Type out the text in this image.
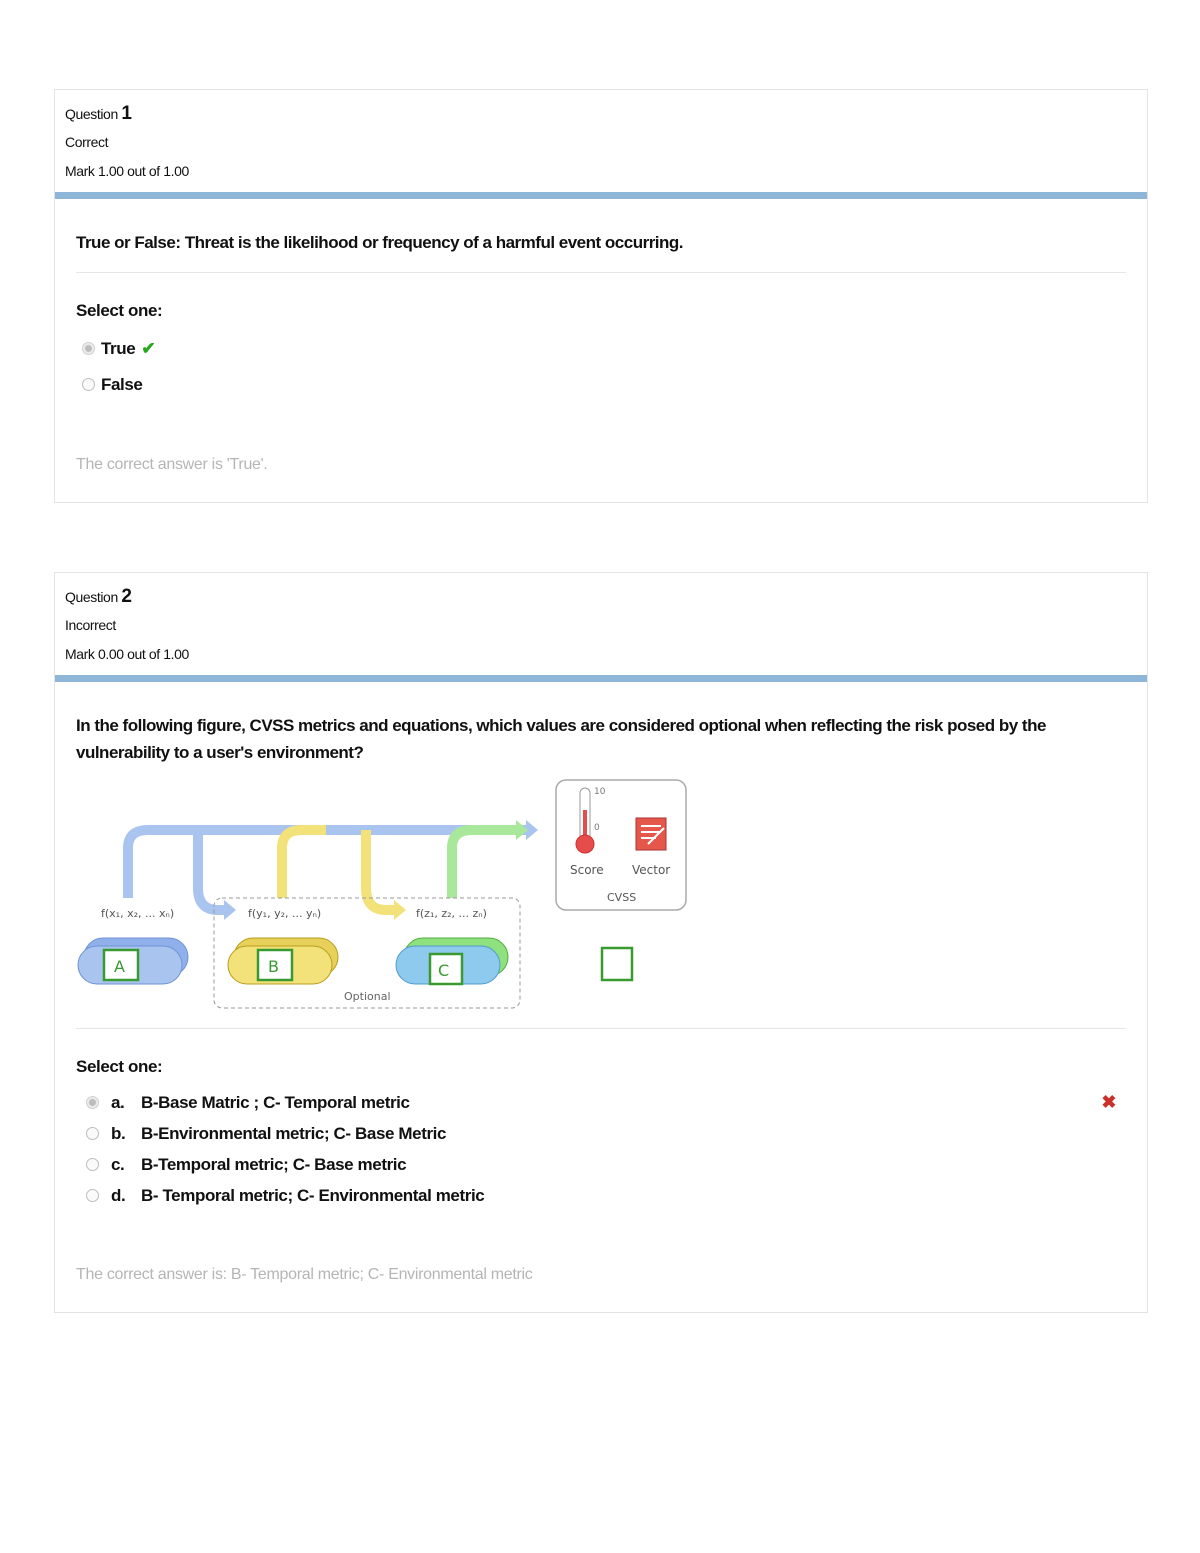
Question 1
Correct
Mark 1.00 out of 1.00
True or False: Threat is the likelihood or frequency of a harmful event occurring.
Select one:
True ✔
False
The correct answer is 'True'.
Question 2
Incorrect
Mark 0.00 out of 1.00
In the following figure, CVSS metrics and equations, which values are considered optional when reflecting the risk posed by the vulnerability to a user's environment?
f(x₁, x₂, ... xₙ)	f(y₁, y₂, ... yₙ)	f(z₁, z₂, ... zₙ)
Optional
A	B	C
10
0
Score Vector
CVSS
Select one:
a. B-Base Matric ; C- Temporal metric	✖
b. B-Environmental metric; C- Base Metric
c. B-Temporal metric; C- Base metric
d. B- Temporal metric; C- Environmental metric
The correct answer is: B- Temporal metric; C- Environmental metric
